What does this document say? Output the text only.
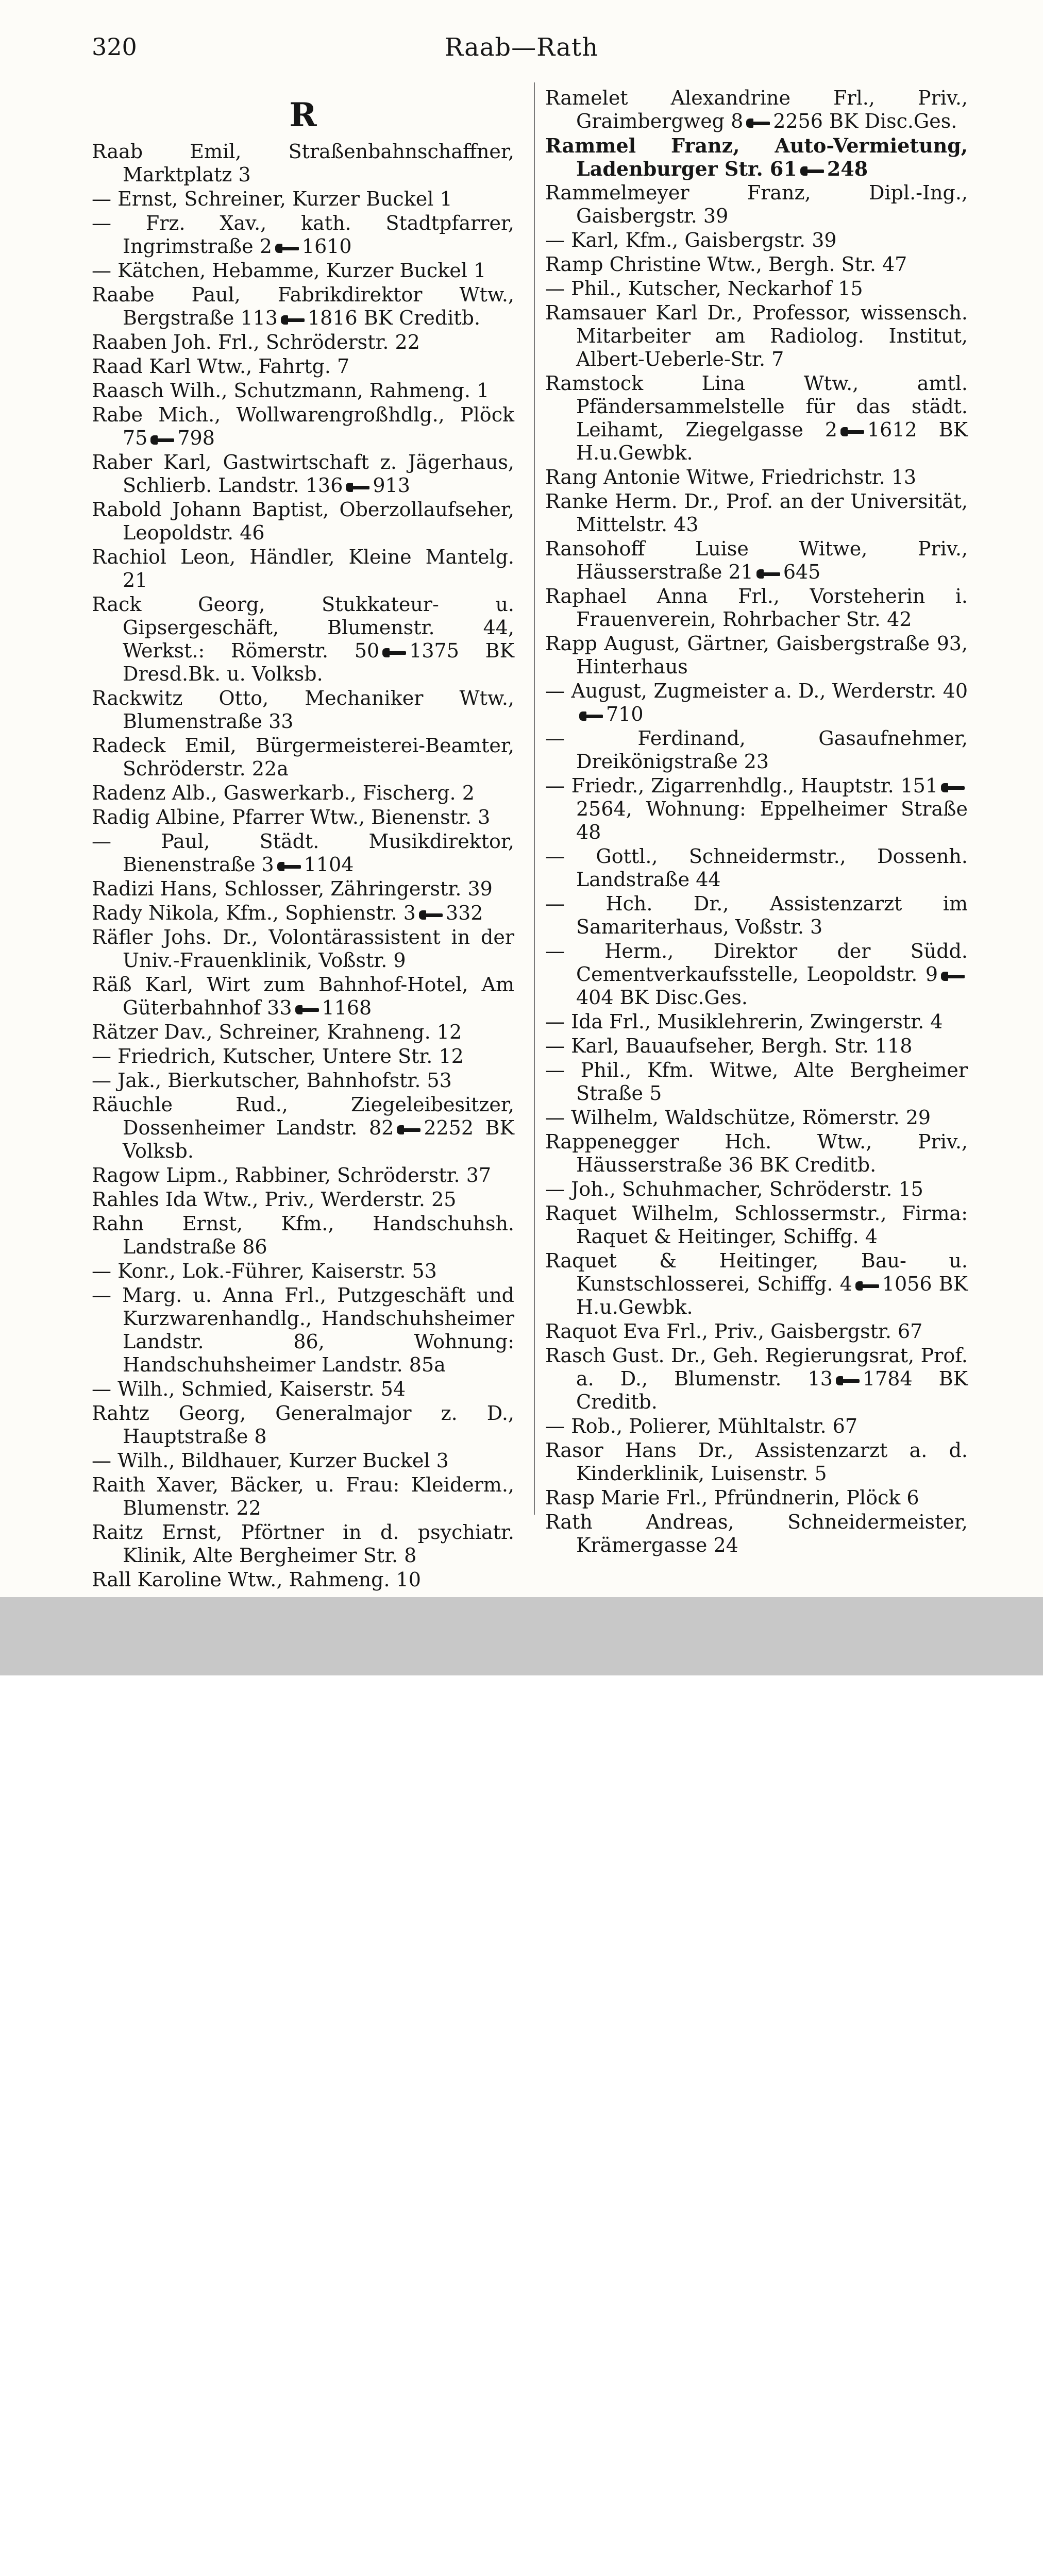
320	Raab—Rath
R
Raab Emil, Straßenbahnschaffner, Marktplatz 3
— Ernst, Schreiner, Kurzer Buckel 1
— Frz. Xav., kath. Stadtpfarrer, Ingrimstraße 2 1610
— Kätchen, Hebamme, Kurzer Buckel 1
Raabe Paul, Fabrikdirektor Wtw., Bergstraße 113 1816 BK Creditb.
Raaben Joh. Frl., Schröderstr. 22
Raad Karl Wtw., Fahrtg. 7
Raasch Wilh., Schutzmann, Rahmeng. 1
Rabe Mich., Wollwarengroßhdlg., Plöck 75 798
Raber Karl, Gastwirtschaft z. Jägerhaus, Schlierb. Landstr. 136 913
Rabold Johann Baptist, Oberzollaufseher, Leopoldstr. 46
Rachiol Leon, Händler, Kleine Mantelg. 21
Rack Georg, Stukkateur- u. Gipsergeschäft, Blumenstr. 44, Werkst.: Römerstr. 50 1375 BK Dresd.Bk. u. Volksb.
Rackwitz Otto, Mechaniker Wtw., Blumenstraße 33
Radeck Emil, Bürgermeisterei-Beamter, Schröderstr. 22a
Radenz Alb., Gaswerkarb., Fischerg. 2
Radig Albine, Pfarrer Wtw., Bienenstr. 3
— Paul, Städt. Musikdirektor, Bienenstraße 3 1104
Radizi Hans, Schlosser, Zähringerstr. 39
Rady Nikola, Kfm., Sophienstr. 3 332
Räfler Johs. Dr., Volontärassistent in der Univ.-Frauenklinik, Voßstr. 9
Räß Karl, Wirt zum Bahnhof-Hotel, Am Güterbahnhof 33 1168
Rätzer Dav., Schreiner, Krahneng. 12
— Friedrich, Kutscher, Untere Str. 12
— Jak., Bierkutscher, Bahnhofstr. 53
Räuchle Rud., Ziegeleibesitzer, Dossenheimer Landstr. 82 2252 BK Volksb.
Ragow Lipm., Rabbiner, Schröderstr. 37
Rahles Ida Wtw., Priv., Werderstr. 25
Rahn Ernst, Kfm., Handschuhsh. Landstraße 86
— Konr., Lok.-Führer, Kaiserstr. 53
— Marg. u. Anna Frl., Putzgeschäft und Kurzwarenhandlg., Handschuhsheimer Landstr. 86, Wohnung: Handschuhsheimer Landstr. 85a
— Wilh., Schmied, Kaiserstr. 54
Rahtz Georg, Generalmajor z. D., Hauptstraße 8
— Wilh., Bildhauer, Kurzer Buckel 3
Raith Xaver, Bäcker, u. Frau: Kleiderm., Blumenstr. 22
Raitz Ernst, Pförtner in d. psychiatr. Klinik, Alte Bergheimer Str. 8
Rall Karoline Wtw., Rahmeng. 10
Ramelet Alexandrine Frl., Priv., Graimbergweg 8 2256 BK Disc.Ges.
Rammel Franz, Auto-Vermietung, Ladenburger Str. 61 248
Rammelmeyer Franz, Dipl.-Ing., Gaisbergstr. 39
— Karl, Kfm., Gaisbergstr. 39
Ramp Christine Wtw., Bergh. Str. 47
— Phil., Kutscher, Neckarhof 15
Ramsauer Karl Dr., Professor, wissensch. Mitarbeiter am Radiolog. Institut, Albert-Ueberle-Str. 7
Ramstock Lina Wtw., amtl. Pfändersammelstelle für das städt. Leihamt, Ziegelgasse 2 1612 BK H.u.Gewbk.
Rang Antonie Witwe, Friedrichstr. 13
Ranke Herm. Dr., Prof. an der Universität, Mittelstr. 43
Ransohoff Luise Witwe, Priv., Häusserstraße 21 645
Raphael Anna Frl., Vorsteherin i. Frauenverein, Rohrbacher Str. 42
Rapp August, Gärtner, Gaisbergstraße 93, Hinterhaus
— August, Zugmeister a. D., Werderstr. 40710
— Ferdinand, Gasaufnehmer, Dreikönigstraße 23
— Friedr., Zigarrenhdlg., Hauptstr. 1512564, Wohnung: Eppelheimer Straße 48
— Gottl., Schneidermstr., Dossenh. Landstraße 44
— Hch. Dr., Assistenzarzt im Samariterhaus, Voßstr. 3
— Herm., Direktor der Südd. Cementverkaufsstelle, Leopoldstr. 9404 BK Disc.Ges.
— Ida Frl., Musiklehrerin, Zwingerstr. 4
— Karl, Bauaufseher, Bergh. Str. 118
— Phil., Kfm. Witwe, Alte Bergheimer Straße 5
— Wilhelm, Waldschütze, Römerstr. 29
Rappenegger Hch. Wtw., Priv., Häusserstraße 36 BK Creditb.
— Joh., Schuhmacher, Schröderstr. 15
Raquet Wilhelm, Schlossermstr., Firma: Raquet & Heitinger, Schiffg. 4
Raquet & Heitinger, Bau- u. Kunstschlosserei, Schiffg. 4 1056 BK H.u.Gewbk.
Raquot Eva Frl., Priv., Gaisbergstr. 67
Rasch Gust. Dr., Geh. Regierungsrat, Prof. a. D., Blumenstr. 13 1784 BK Creditb.
— Rob., Polierer, Mühltalstr. 67
Rasor Hans Dr., Assistenzarzt a. d. Kinderklinik, Luisenstr. 5
Rasp Marie Frl., Pfründnerin, Plöck 6
Rath Andreas, Schneidermeister, Krämergasse 24
